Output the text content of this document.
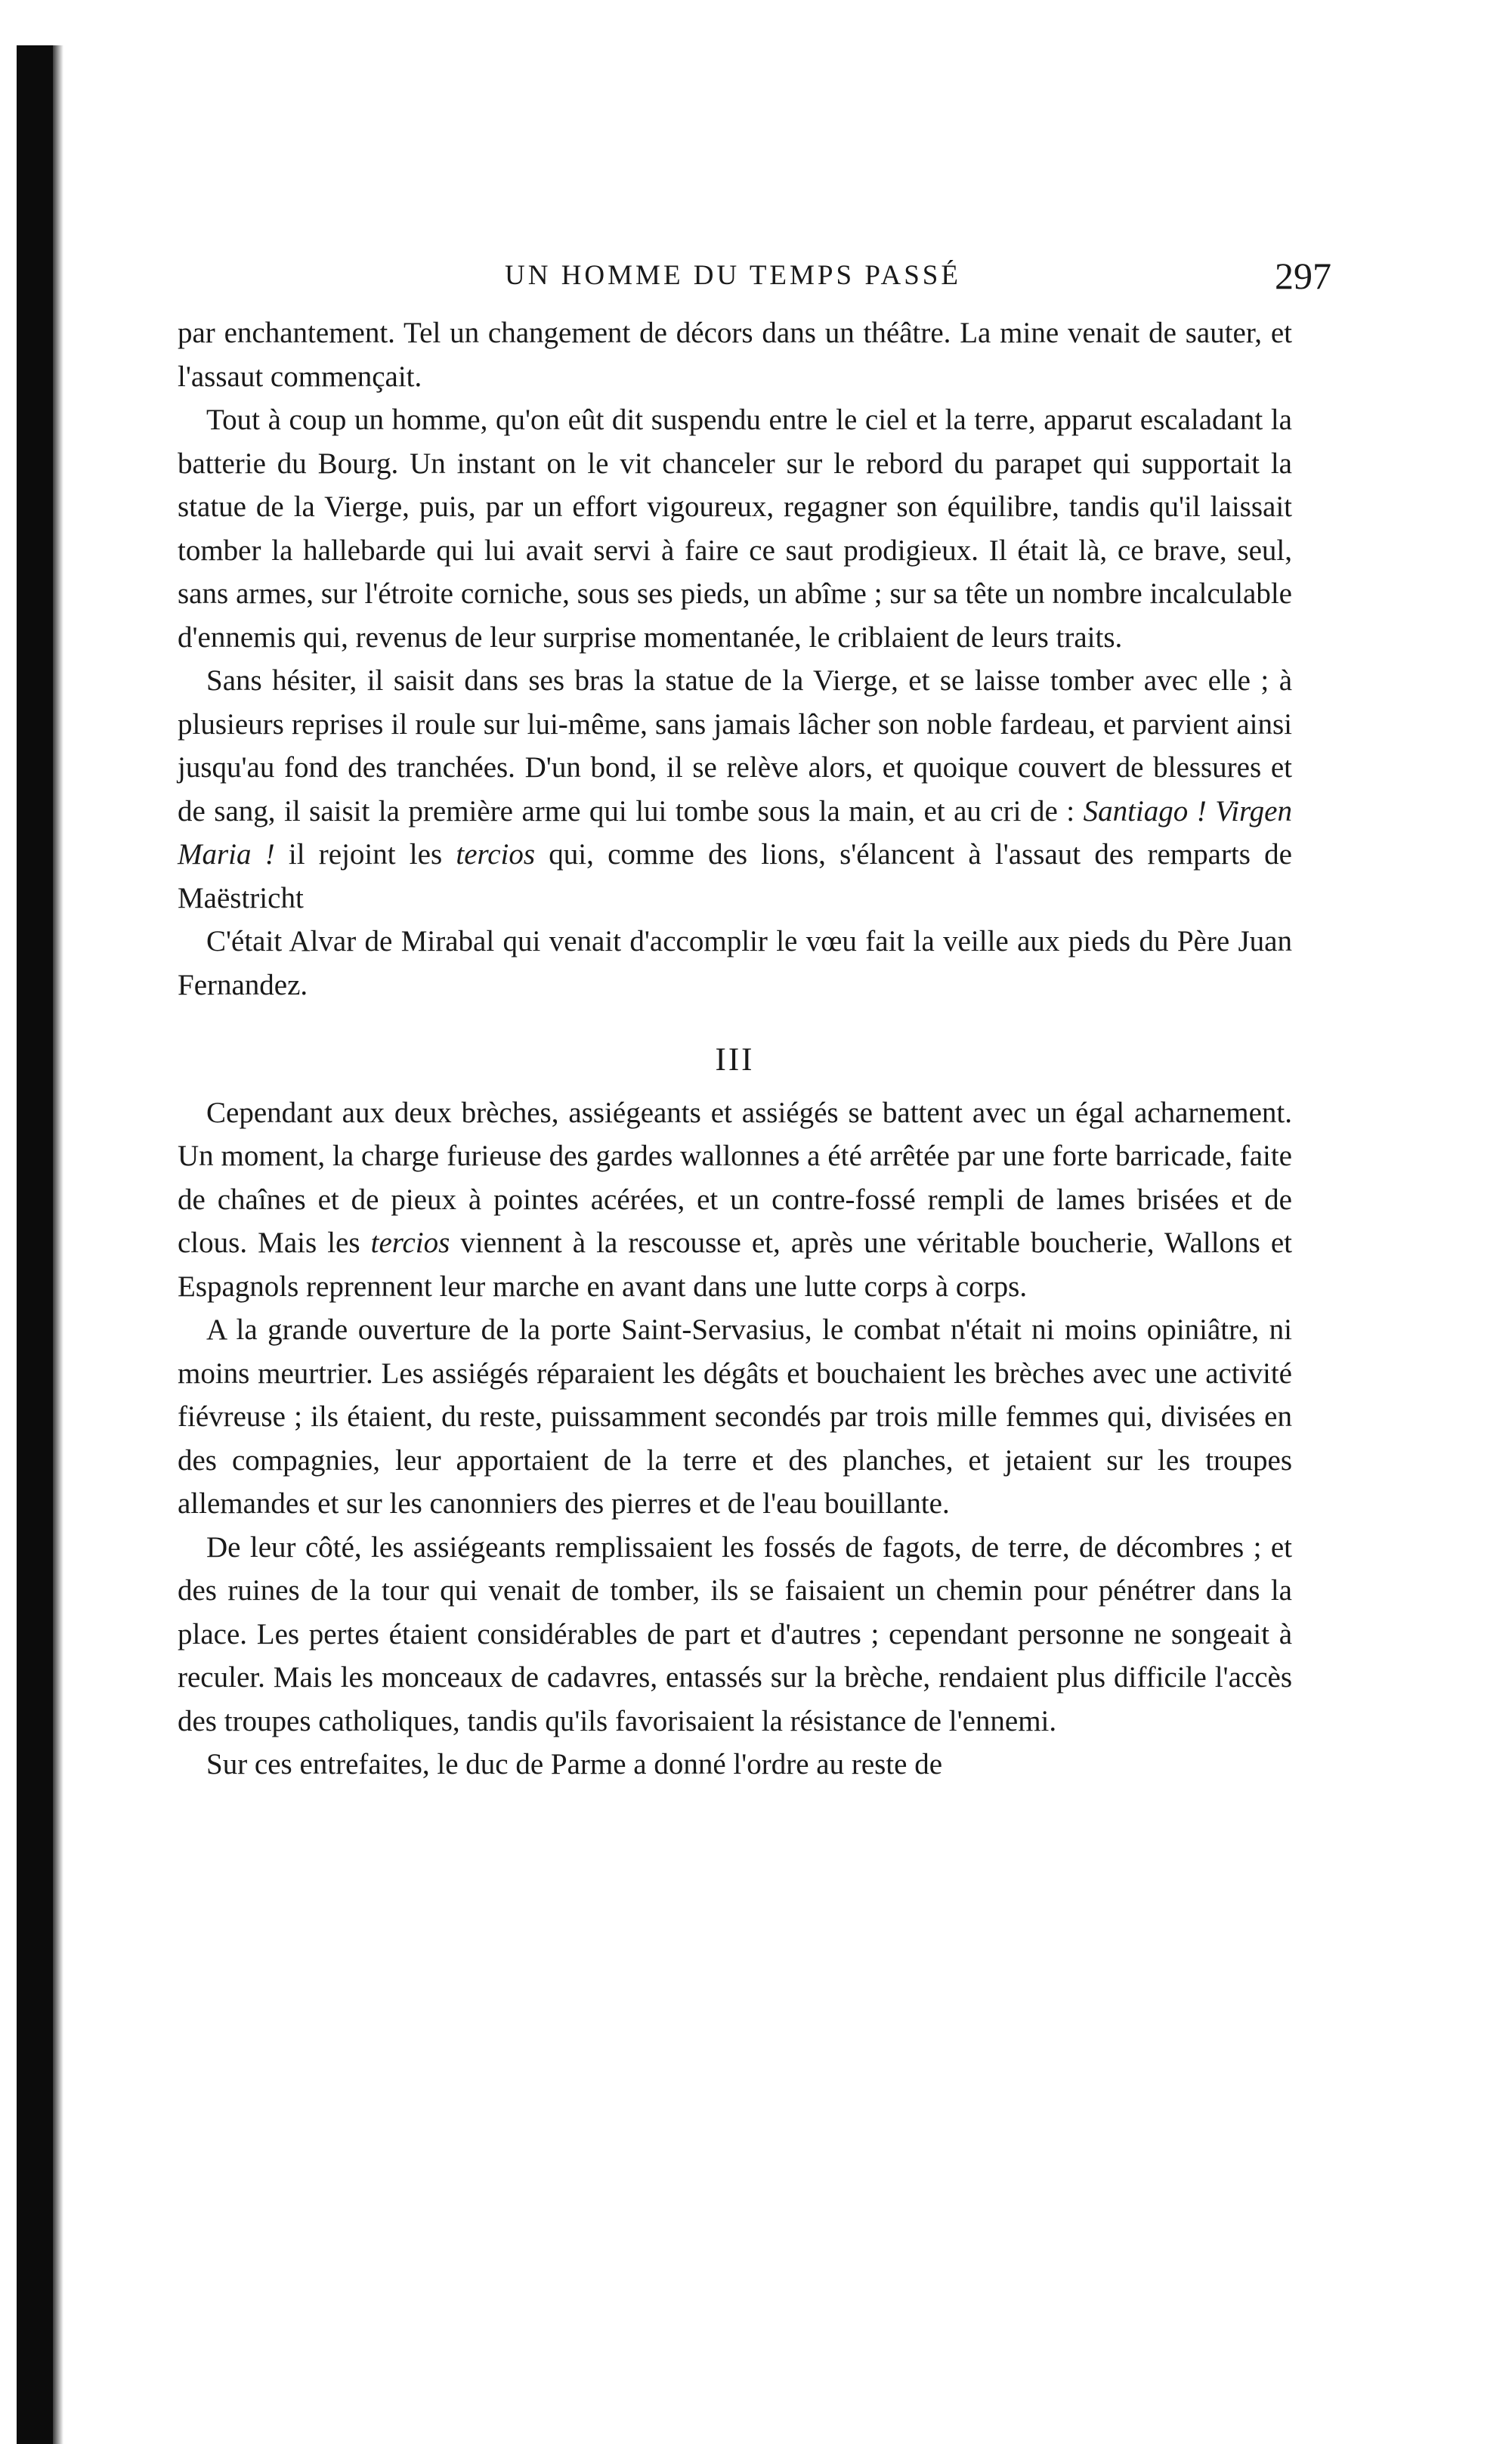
UN HOMME DU TEMPS PASSÉ	297

par enchantement. Tel un changement de décors dans un théâtre. La mine venait de sauter, et l'assaut commençait.

Tout à coup un homme, qu'on eût dit suspendu entre le ciel et la terre, apparut escaladant la batterie du Bourg. Un instant on le vit chanceler sur le rebord du parapet qui supportait la statue de la Vierge, puis, par un effort vigoureux, regagner son équilibre, tandis qu'il laissait tomber la hallebarde qui lui avait servi à faire ce saut prodigieux. Il était là, ce brave, seul, sans armes, sur l'étroite corniche, sous ses pieds, un abîme ; sur sa tête un nombre incalculable d'ennemis qui, revenus de leur surprise momentanée, le criblaient de leurs traits.

Sans hésiter, il saisit dans ses bras la statue de la Vierge, et se laisse tomber avec elle ; à plusieurs reprises il roule sur lui-même, sans jamais lâcher son noble fardeau, et parvient ainsi jusqu'au fond des tranchées. D'un bond, il se relève alors, et quoique couvert de blessures et de sang, il saisit la première arme qui lui tombe sous la main, et au cri de : Santiago ! Virgen Maria ! il rejoint les tercios qui, comme des lions, s'élancent à l'assaut des remparts de Maëstricht

C'était Alvar de Mirabal qui venait d'accomplir le vœu fait la veille aux pieds du Père Juan Fernandez.

III

Cependant aux deux brèches, assiégeants et assiégés se battent avec un égal acharnement. Un moment, la charge furieuse des gardes wallonnes a été arrêtée par une forte barricade, faite de chaînes et de pieux à pointes acérées, et un contre-fossé rempli de lames brisées et de clous. Mais les tercios viennent à la rescousse et, après une véritable boucherie, Wallons et Espagnols reprennent leur marche en avant dans une lutte corps à corps.

A la grande ouverture de la porte Saint-Servasius, le combat n'était ni moins opiniâtre, ni moins meurtrier. Les assiégés réparaient les dégâts et bouchaient les brèches avec une activité fiévreuse ; ils étaient, du reste, puissamment secondés par trois mille femmes qui, divisées en des compagnies, leur apportaient de la terre et des planches, et jetaient sur les troupes allemandes et sur les canonniers des pierres et de l'eau bouillante.

De leur côté, les assiégeants remplissaient les fossés de fagots, de terre, de décombres ; et des ruines de la tour qui venait de tomber, ils se faisaient un chemin pour pénétrer dans la place. Les pertes étaient considérables de part et d'autres ; cependant personne ne songeait à reculer. Mais les monceaux de cadavres, entassés sur la brèche, rendaient plus difficile l'accès des troupes catholiques, tandis qu'ils favorisaient la résistance de l'ennemi.

Sur ces entrefaites, le duc de Parme a donné l'ordre au reste de
